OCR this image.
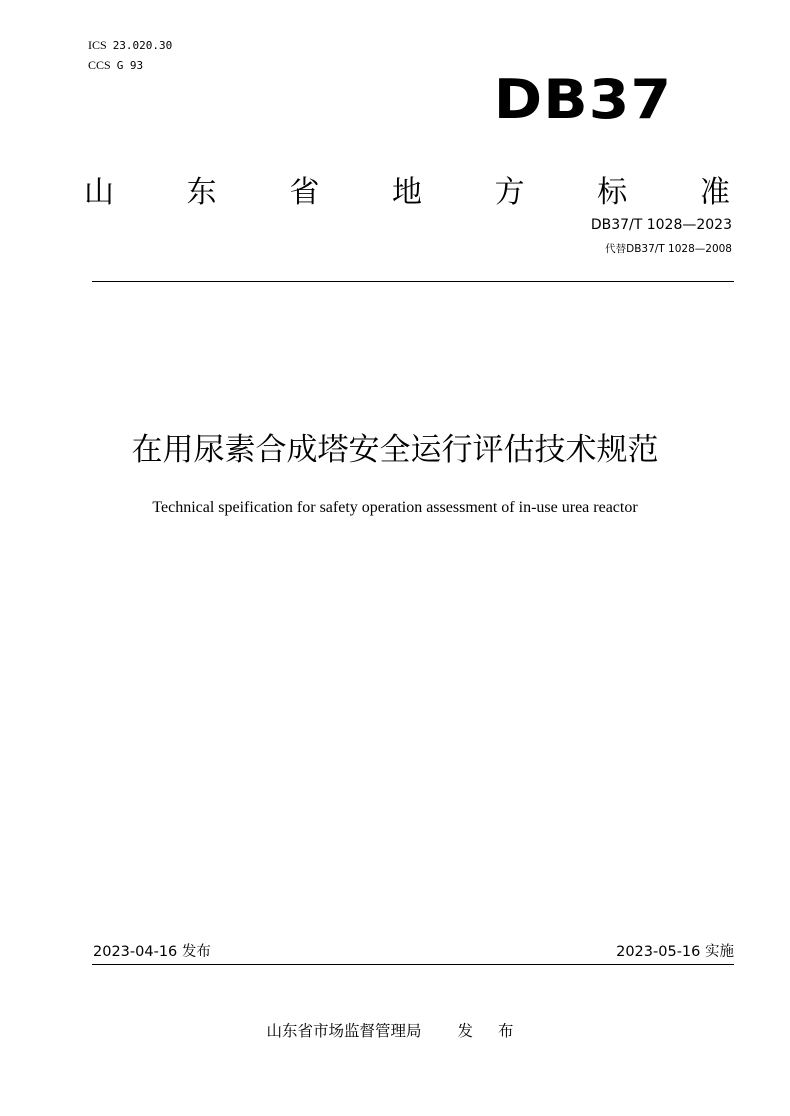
ICS 23.020.30
CCS G 93
DB37
山 东 省 地 方 标 准
DB37/T 1028—2023
代替DB37/T 1028—2008
在用尿素合成塔安全运行评估技术规范
Technical speification for safety operation assessment of in-use urea reactor
2023-04-16 发布	2023-05-16 实施
山东省市场监督管理局 发 布
